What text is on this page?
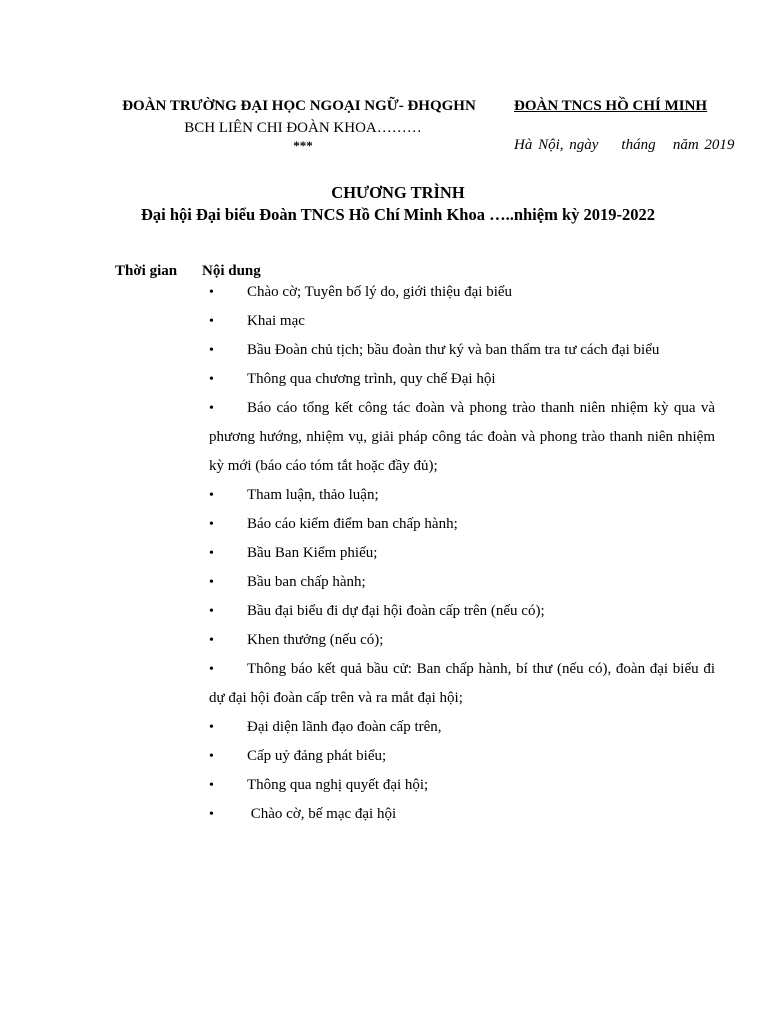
ĐOÀN TRƯỜNG ĐẠI HỌC NGOẠI NGỮ- ĐHQGHN
BCH LIÊN CHI ĐOÀN KHOA………
***
ĐOÀN TNCS HỒ CHÍ MINH
Hà Nội, ngày    tháng   năm 2019
CHƯƠNG TRÌNH
Đại hội Đại biểu Đoàn TNCS Hồ Chí Minh Khoa …..nhiệm kỳ 2019-2022
Thời gian Nội dung
• Chào cờ; Tuyên bố lý do, giới thiệu đại biểu
• Khai mạc
• Bầu Đoàn chủ tịch; bầu đoàn thư ký và ban thẩm tra tư cách đại biểu
• Thông qua chương trình, quy chế Đại hội
• Báo cáo tổng kết công tác đoàn và phong trào thanh niên nhiệm kỳ qua và phương hướng, nhiệm vụ, giải pháp công tác đoàn và phong trào thanh niên nhiệm kỳ mới (báo cáo tóm tắt hoặc đầy đủ);
• Tham luận, thảo luận;
• Báo cáo kiểm điểm ban chấp hành;
• Bầu Ban Kiểm phiếu;
• Bầu ban chấp hành;
• Bầu đại biểu đi dự đại hội đoàn cấp trên (nếu có);
• Khen thưởng (nếu có);
• Thông báo kết quả bầu cử: Ban chấp hành, bí thư (nếu có), đoàn đại biểu đi dự đại hội đoàn cấp trên và ra mắt đại hội;
• Đại diện lãnh đạo đoàn cấp trên,
• Cấp uỷ đảng phát biểu;
• Thông qua nghị quyết đại hội;
• Chào cờ, bế mạc đại hội
